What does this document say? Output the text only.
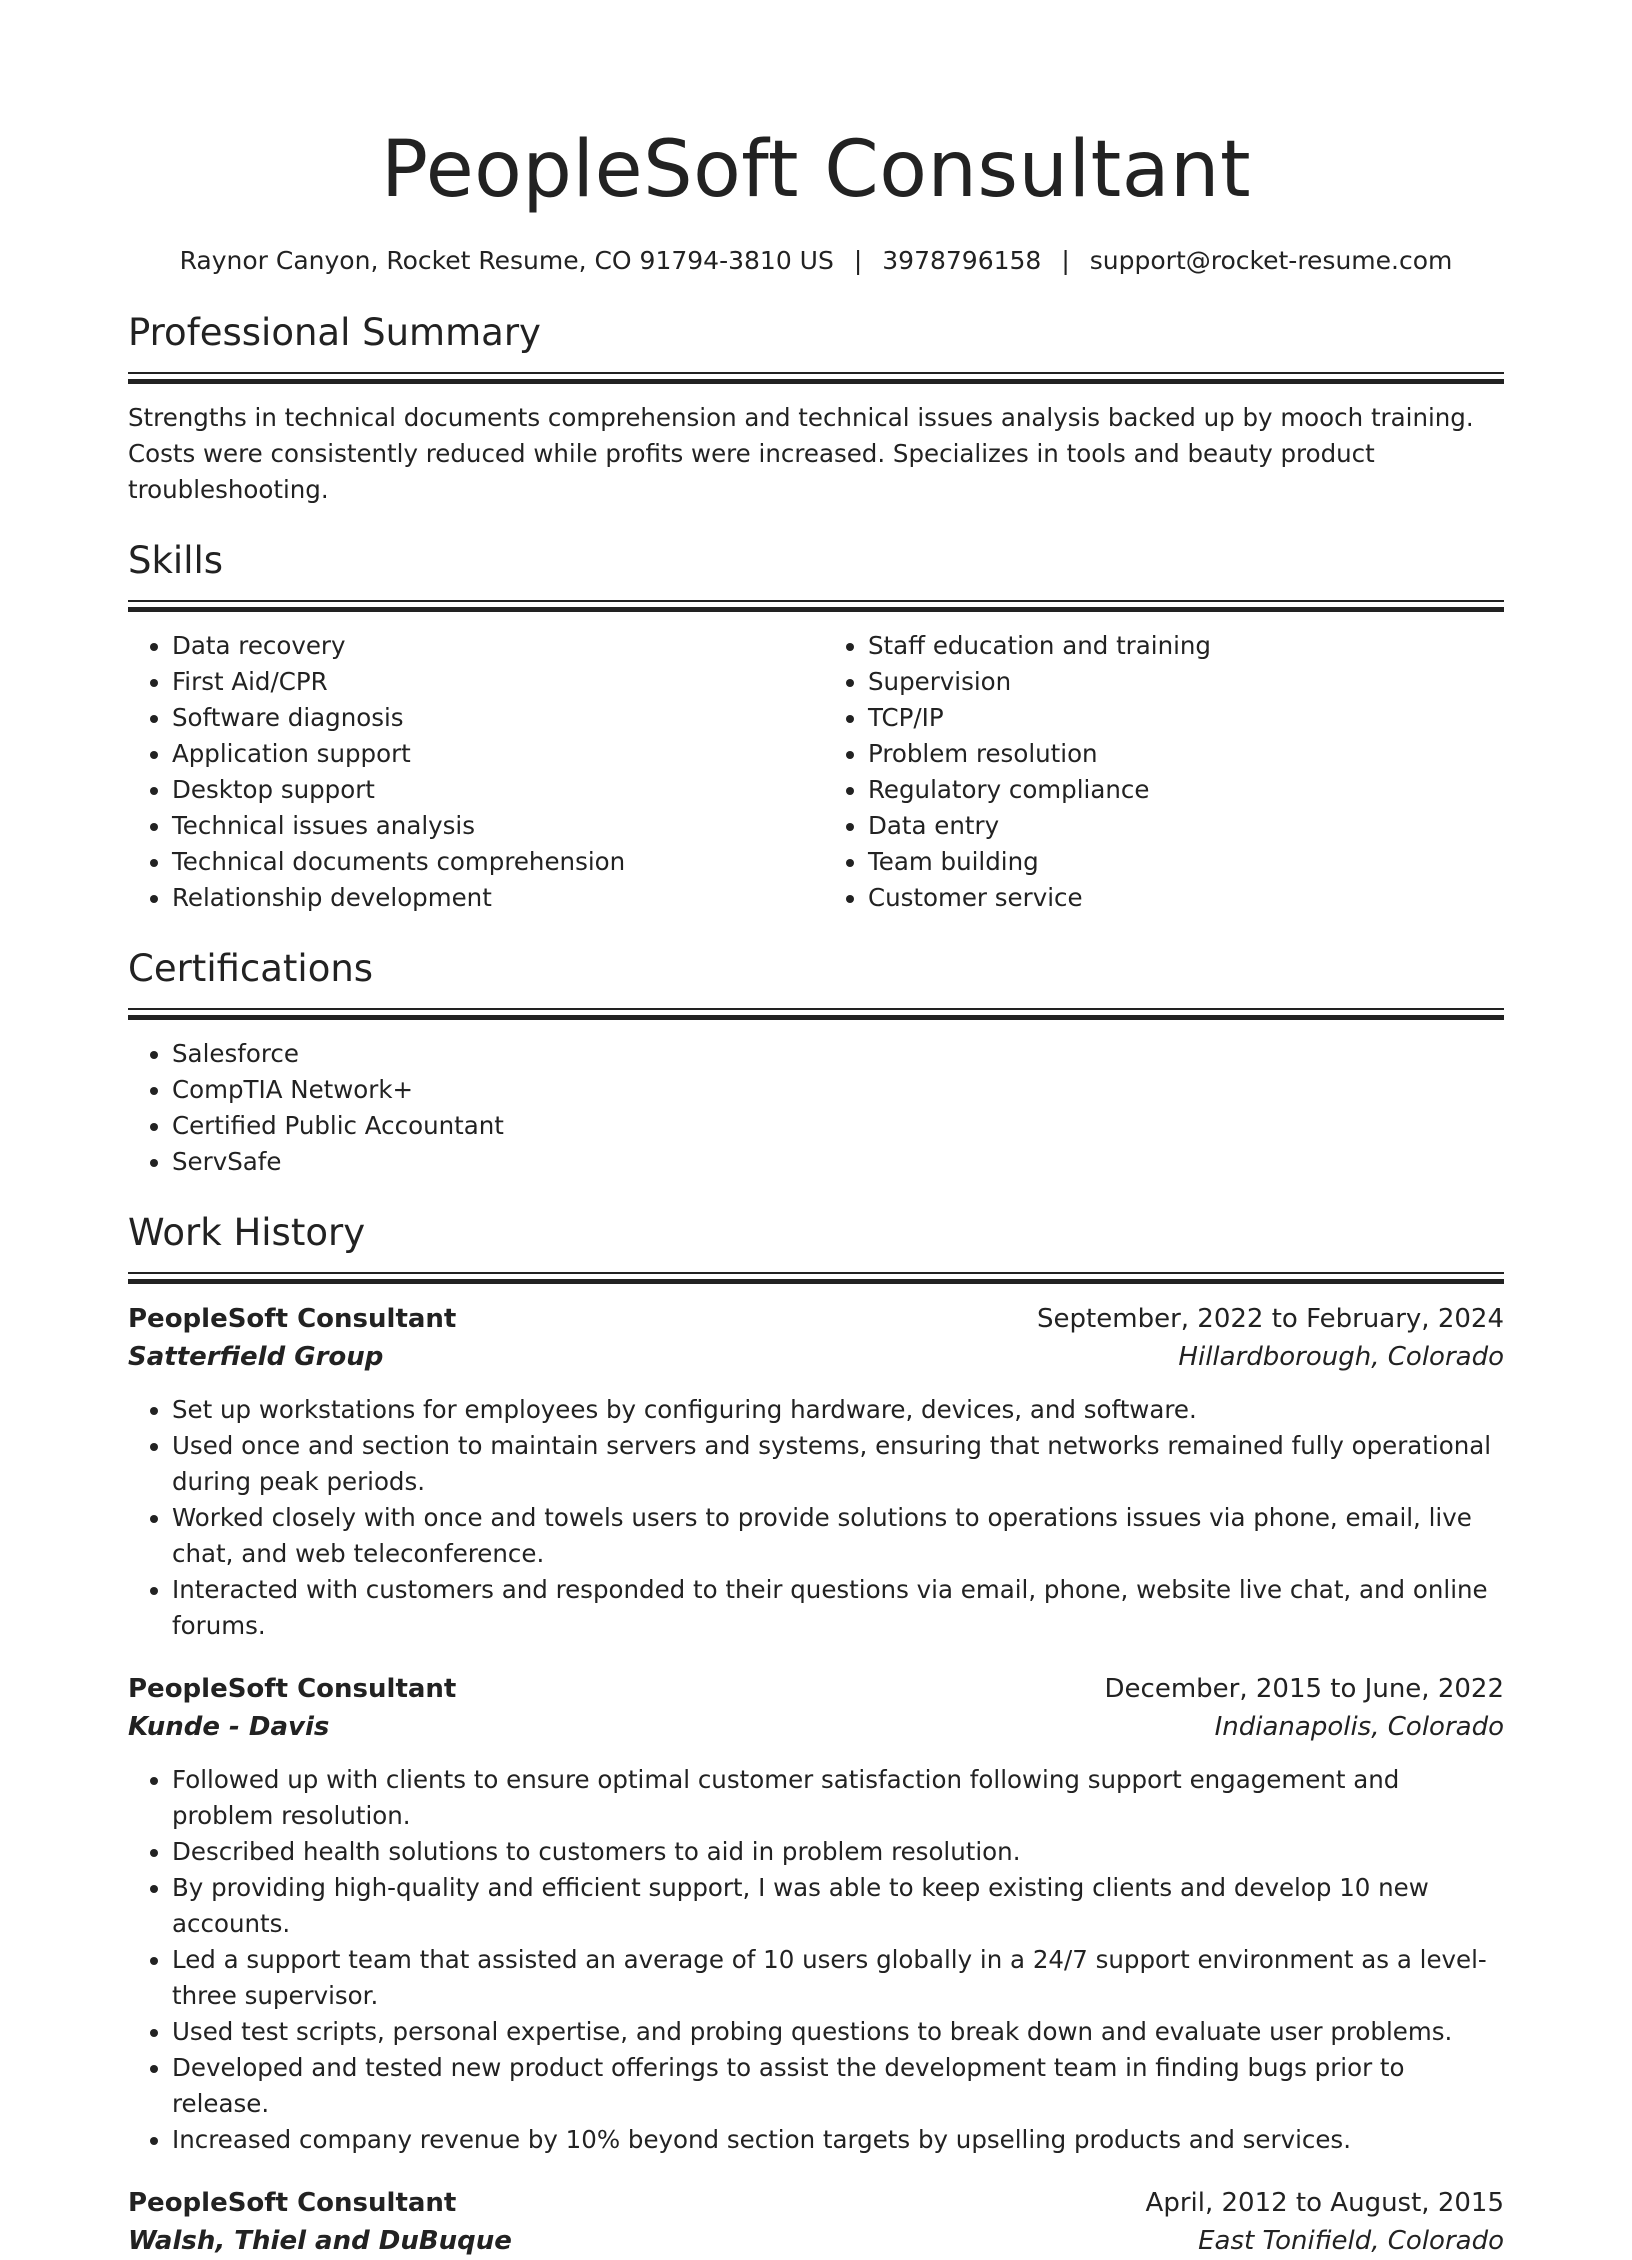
PeopleSoft Consultant
Raynor Canyon, Rocket Resume, CO 91794-3810 US | 3978796158 | support@rocket-resume.com
Professional Summary
Strengths in technical documents comprehension and technical issues analysis backed up by mooch training. Costs were consistently reduced while profits were increased. Specializes in tools and beauty product troubleshooting.
Skills
• Data recovery
• First Aid/CPR
• Software diagnosis
• Application support
• Desktop support
• Technical issues analysis
• Technical documents comprehension
• Relationship development
• Staff education and training
• Supervision
• TCP/IP
• Problem resolution
• Regulatory compliance
• Data entry
• Team building
• Customer service
Certifications
• Salesforce
• CompTIA Network+
• Certified Public Accountant
• ServSafe
Work History
PeopleSoft Consultant	September, 2022 to February, 2024
Satterfield Group	Hillardborough, Colorado
• Set up workstations for employees by configuring hardware, devices, and software.
• Used once and section to maintain servers and systems, ensuring that networks remained fully operational during peak periods.
• Worked closely with once and towels users to provide solutions to operations issues via phone, email, live chat, and web teleconference.
• Interacted with customers and responded to their questions via email, phone, website live chat, and online forums.
PeopleSoft Consultant	December, 2015 to June, 2022
Kunde - Davis	Indianapolis, Colorado
• Followed up with clients to ensure optimal customer satisfaction following support engagement and problem resolution.
• Described health solutions to customers to aid in problem resolution.
• By providing high-quality and efficient support, I was able to keep existing clients and develop 10 new accounts.
• Led a support team that assisted an average of 10 users globally in a 24/7 support environment as a level-three supervisor.
• Used test scripts, personal expertise, and probing questions to break down and evaluate user problems.
• Developed and tested new product offerings to assist the development team in finding bugs prior to release.
• Increased company revenue by 10% beyond section targets by upselling products and services.
PeopleSoft Consultant	April, 2012 to August, 2015
Walsh, Thiel and DuBuque	East Tonifield, Colorado
